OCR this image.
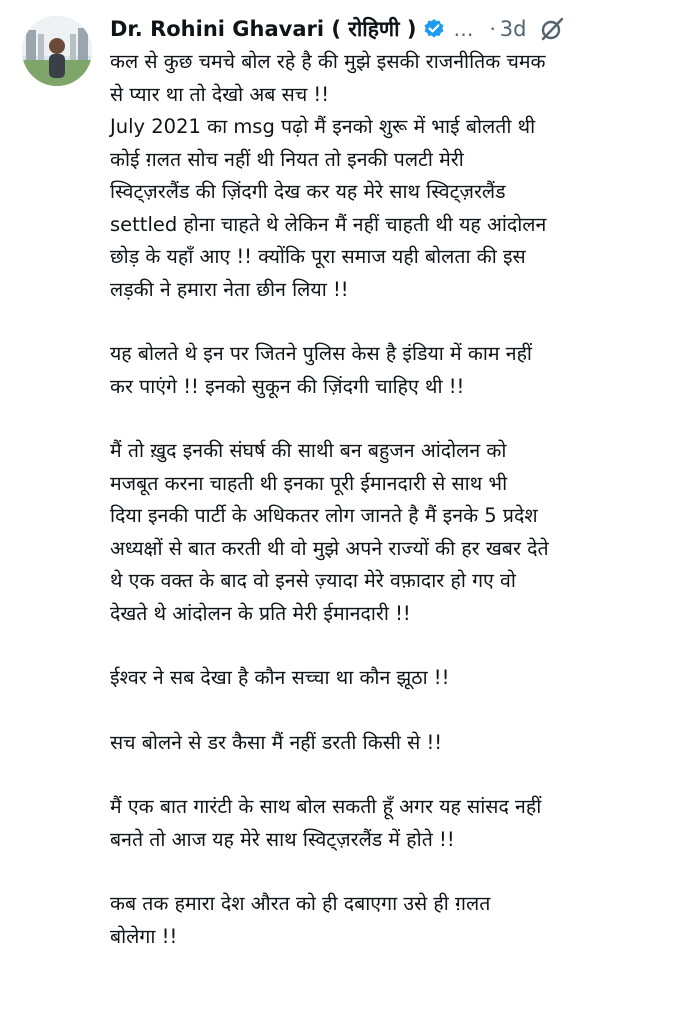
Dr. Rohini Ghavari ( रोहिणी ) … · 3d

कल से कुछ चमचे बोल रहे है की मुझे इसकी राजनीतिक चमक
से प्यार था तो देखो अब सच !!
July 2021 का msg पढ़ो मैं इनको शुरू में भाई बोलती थी
कोई ग़लत सोच नहीं थी नियत तो इनकी पलटी मेरी
स्विट्ज़रलैंड की ज़िंदगी देख कर यह मेरे साथ स्विट्ज़रलैंड
settled होना चाहते थे लेकिन मैं नहीं चाहती थी यह आंदोलन
छोड़ के यहाँ आए !! क्योंकि पूरा समाज यही बोलता की इस
लड़की ने हमारा नेता छीन लिया !!

यह बोलते थे इन पर जितने पुलिस केस है इंडिया में काम नहीं
कर पाएंगे !! इनको सुकून की ज़िंदगी चाहिए थी !!

मैं तो ख़ुद इनकी संघर्ष की साथी बन बहुजन आंदोलन को
मजबूत करना चाहती थी इनका पूरी ईमानदारी से साथ भी
दिया इनकी पार्टी के अधिकतर लोग जानते है मैं इनके 5 प्रदेश
अध्यक्षों से बात करती थी वो मुझे अपने राज्यों की हर खबर देते
थे एक वक्त के बाद वो इनसे ज़्यादा मेरे वफ़ादार हो गए वो
देखते थे आंदोलन के प्रति मेरी ईमानदारी !!

ईश्वर ने सब देखा है कौन सच्चा था कौन झूठा !!

सच बोलने से डर कैसा मैं नहीं डरती किसी से !!

मैं एक बात गारंटी के साथ बोल सकती हूँ अगर यह सांसद नहीं
बनते तो आज यह मेरे साथ स्विट्ज़रलैंड में होते !!

कब तक हमारा देश औरत को ही दबाएगा उसे ही ग़लत
बोलेगा !!
